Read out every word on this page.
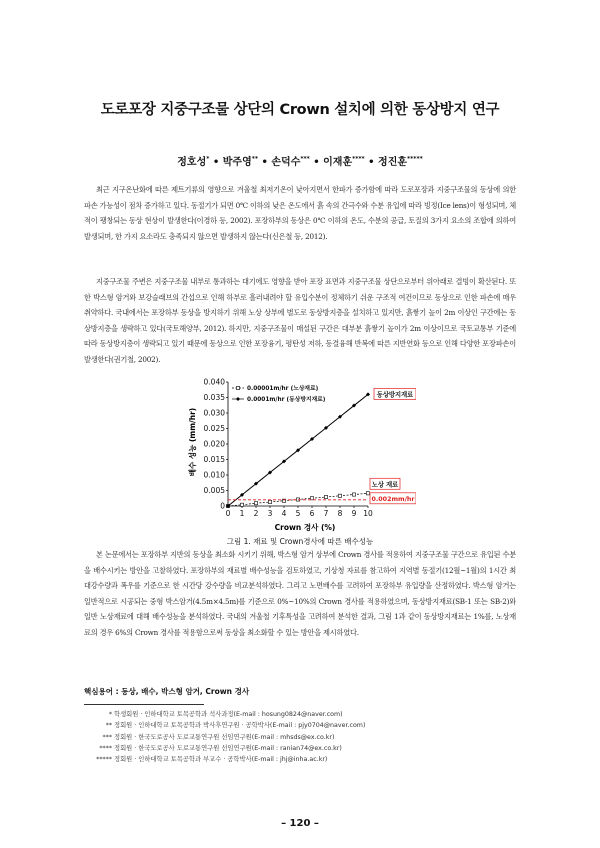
도로포장 지중구조물 상단의 Crown 설치에 의한 동상방지 연구
정호성* • 박주영** • 손덕수*** • 이재훈**** • 정진훈*****

최근 지구온난화에 따른 제트기류의 영향으로 겨울철 최저기온이 낮아지면서 한파가 증가함에 따라 도로포장과 지중구조물의 동상에 의한 파손 가능성이 점차 증가하고 있다. 동절기가 되면 0℃ 이하의 낮은 온도에서 흙 속의 간극수와 수분 유입에 따라 빙정(Ice lens)이 형성되며, 체적이 팽창되는 동상 현상이 발생한다(이경하 등, 2002). 포장하부의 동상은 0℃ 이하의 온도, 수분의 공급, 토질의 3가지 요소의 조합에 의하여 발생되며, 한 가지 요소라도 충족되지 않으면 발생하지 않는다(신은철 등, 2012).

지중구조물 주변은 지중구조물 내부로 통과하는 대기에도 영향을 받아 포장 표면과 지중구조물 상단으로부터 위아래로 결빙이 확산된다. 또한 박스형 암거와 보강슬래브의 간섭으로 인해 하부로 흘러내려야 할 유입수분이 정체하기 쉬운 구조적 여건이므로 동상으로 인한 파손에 매우 취약하다. 국내에서는 포장하부 동상을 방지하기 위해 노상 상부에 별도로 동상방지층을 설치하고 있지만, 흙쌓기 높이 2m 이상인 구간에는 동상방지층을 생략하고 있다(국토해양부, 2012). 하지만, 지중구조물이 매설된 구간은 대부분 흙쌓기 높이가 2m 이상이므로 국토교통부 기준에 따라 동상방지층이 생략되고 있기 때문에 동상으로 인한 포장융기, 평탄성 저하, 동결융해 반복에 따른 지반연화 등으로 인해 다양한 포장파손이 발생한다(권기철, 2002).

0
0.005
0.010
0.015
0.020
0.025
0.030
0.035
0.040
0 1 2 3 4 5 6 7 8 9 10
0.002mm/hr
0.00001m/hr (노상재료)
0.0001m/hr (동상방지재료)
동상방지재료
노상 재료
배수 성능 (mm/hr)
Crown 경사 (%)
그림 1. 재료 및 Crown경사에 따른 배수성능

본 논문에서는 포장하부 지반의 동상을 최소화 시키기 위해, 박스형 암거 상부에 Crown 경사를 적용하여 지중구조물 구간으로 유입된 수분을 배수시키는 방안을 고찰하였다. 포장하부의 재료별 배수성능을 검토하였고, 기상청 자료를 참고하여 지역별 동절기(12월~1월)의 1시간 최대강수량과 폭우를 기준으로 한 시간당 강수량을 비교분석하였다. 그리고 노면배수를 고려하여 포장하부 유입량을 산정하였다. 박스형 암거는 일반적으로 시공되는 중형 박스암거(4.5m×4.5m)를 기준으로 0%~10%의 Crown 경사를 적용하였으며, 동상방지재료(SB-1 또는 SB-2)와 일반 노상재료에 대해 배수성능을 분석하였다. 국내의 겨울철 기후특성을 고려하여 분석한 결과, 그림 1과 같이 동상방지재료는 1%를, 노상재료의 경우 6%의 Crown 경사를 적용함으로써 동상을 최소화할 수 있는 방안을 제시하였다.

핵심용어 : 동상, 배수, 박스형 암거, Crown 경사
* 학생회원 · 인하대학교 토목공학과 석사과정(E-mail : hosung0824@naver.com)
** 정회원 · 인하대학교 토목공학과 박사후연구원 · 공학박사(E-mail : pjy0704@naver.com)
*** 정회원 · 한국도로공사 도로교통연구원 선임연구원(E-mail : mhsds@ex.co.kr)
**** 정회원 · 한국도로공사 도로교통연구원 선임연구원(E-mail : ranian74@ex.co.kr)
***** 정회원 · 인하대학교 토목공학과 부교수 · 공학박사(E-mail : jhj@inha.ac.kr)
– 120 –
